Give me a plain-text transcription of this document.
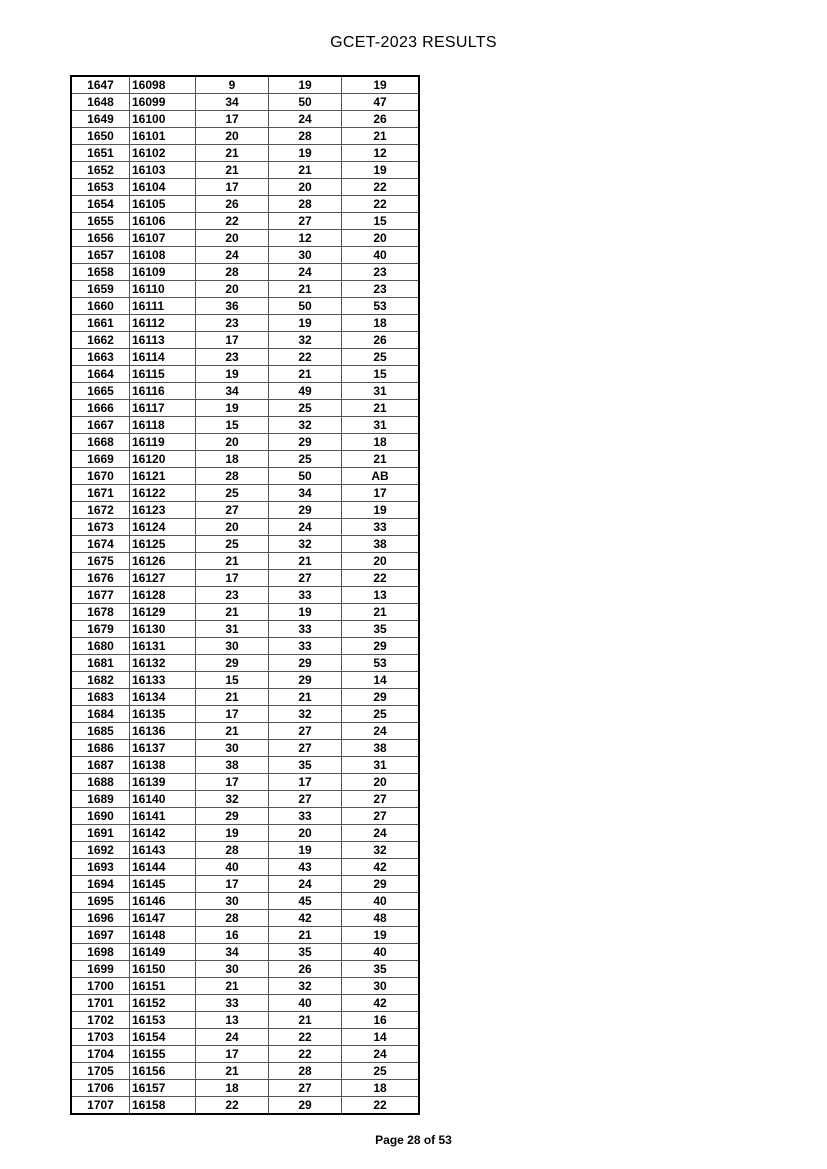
GCET-2023 RESULTS
1647	16098	9	19	19
1648	16099	34	50	47
1649	16100	17	24	26
1650	16101	20	28	21
1651	16102	21	19	12
1652	16103	21	21	19
1653	16104	17	20	22
1654	16105	26	28	22
1655	16106	22	27	15
1656	16107	20	12	20
1657	16108	24	30	40
1658	16109	28	24	23
1659	16110	20	21	23
1660	16111	36	50	53
1661	16112	23	19	18
1662	16113	17	32	26
1663	16114	23	22	25
1664	16115	19	21	15
1665	16116	34	49	31
1666	16117	19	25	21
1667	16118	15	32	31
1668	16119	20	29	18
1669	16120	18	25	21
1670	16121	28	50	AB
1671	16122	25	34	17
1672	16123	27	29	19
1673	16124	20	24	33
1674	16125	25	32	38
1675	16126	21	21	20
1676	16127	17	27	22
1677	16128	23	33	13
1678	16129	21	19	21
1679	16130	31	33	35
1680	16131	30	33	29
1681	16132	29	29	53
1682	16133	15	29	14
1683	16134	21	21	29
1684	16135	17	32	25
1685	16136	21	27	24
1686	16137	30	27	38
1687	16138	38	35	31
1688	16139	17	17	20
1689	16140	32	27	27
1690	16141	29	33	27
1691	16142	19	20	24
1692	16143	28	19	32
1693	16144	40	43	42
1694	16145	17	24	29
1695	16146	30	45	40
1696	16147	28	42	48
1697	16148	16	21	19
1698	16149	34	35	40
1699	16150	30	26	35
1700	16151	21	32	30
1701	16152	33	40	42
1702	16153	13	21	16
1703	16154	24	22	14
1704	16155	17	22	24
1705	16156	21	28	25
1706	16157	18	27	18
1707	16158	22	29	22
Page 28 of 53
